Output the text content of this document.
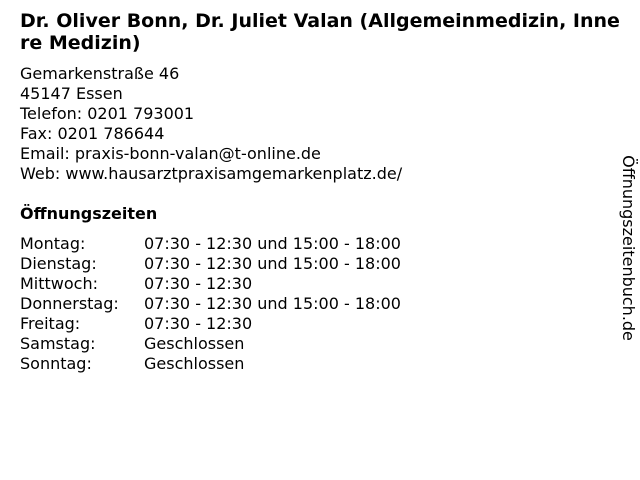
Dr. Oliver Bonn, Dr. Juliet Valan (Allgemeinmedizin, Innere Medizin)
Gemarkenstraße 46
45147 Essen
Telefon: 0201 793001
Fax: 0201 786644
Email: praxis-bonn-valan@t-online.de
Web: www.hausarztpraxisamgemarkenplatz.de/
Öffnungszeiten
Montag:	07:30 - 12:30 und 15:00 - 18:00
Dienstag:	07:30 - 12:30 und 15:00 - 18:00
Mittwoch:	07:30 - 12:30
Donnerstag:	07:30 - 12:30 und 15:00 - 18:00
Freitag:	07:30 - 12:30
Samstag:	Geschlossen
Sonntag:	Geschlossen
Öffnungszeitenbuch.de
